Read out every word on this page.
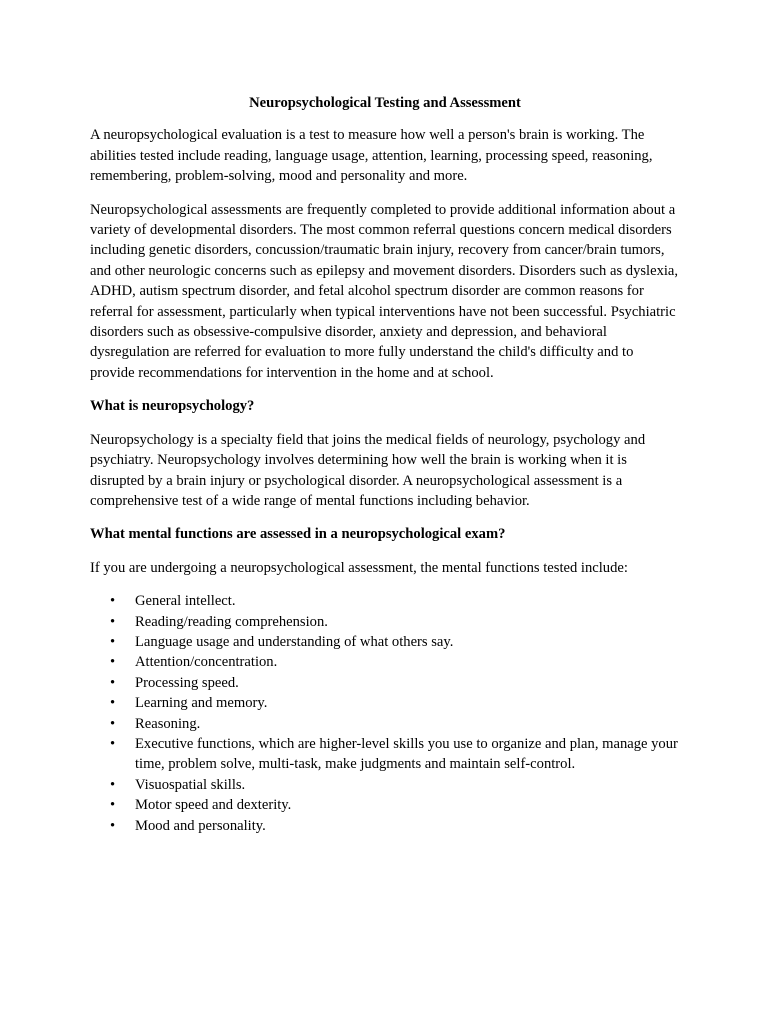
Neuropsychological Testing and Assessment

A neuropsychological evaluation is a test to measure how well a person's brain is working. The abilities tested include reading, language usage, attention, learning, processing speed, reasoning, remembering, problem-solving, mood and personality and more.

Neuropsychological assessments are frequently completed to provide additional information about a variety of developmental disorders. The most common referral questions concern medical disorders including genetic disorders, concussion/traumatic brain injury, recovery from cancer/brain tumors, and other neurologic concerns such as epilepsy and movement disorders. Disorders such as dyslexia, ADHD, autism spectrum disorder, and fetal alcohol spectrum disorder are common reasons for referral for assessment, particularly when typical interventions have not been successful. Psychiatric disorders such as obsessive-compulsive disorder, anxiety and depression, and behavioral dysregulation are referred for evaluation to more fully understand the child's difficulty and to provide recommendations for intervention in the home and at school.

What is neuropsychology?

Neuropsychology is a specialty field that joins the medical fields of neurology, psychology and psychiatry. Neuropsychology involves determining how well the brain is working when it is disrupted by a brain injury or psychological disorder. A neuropsychological assessment is a comprehensive test of a wide range of mental functions including behavior.

What mental functions are assessed in a neuropsychological exam?

If you are undergoing a neuropsychological assessment, the mental functions tested include:

• General intellect.
• Reading/reading comprehension.
• Language usage and understanding of what others say.
• Attention/concentration.
• Processing speed.
• Learning and memory.
• Reasoning.
• Executive functions, which are higher-level skills you use to organize and plan, manage your time, problem solve, multi-task, make judgments and maintain self-control.
• Visuospatial skills.
• Motor speed and dexterity.
• Mood and personality.
